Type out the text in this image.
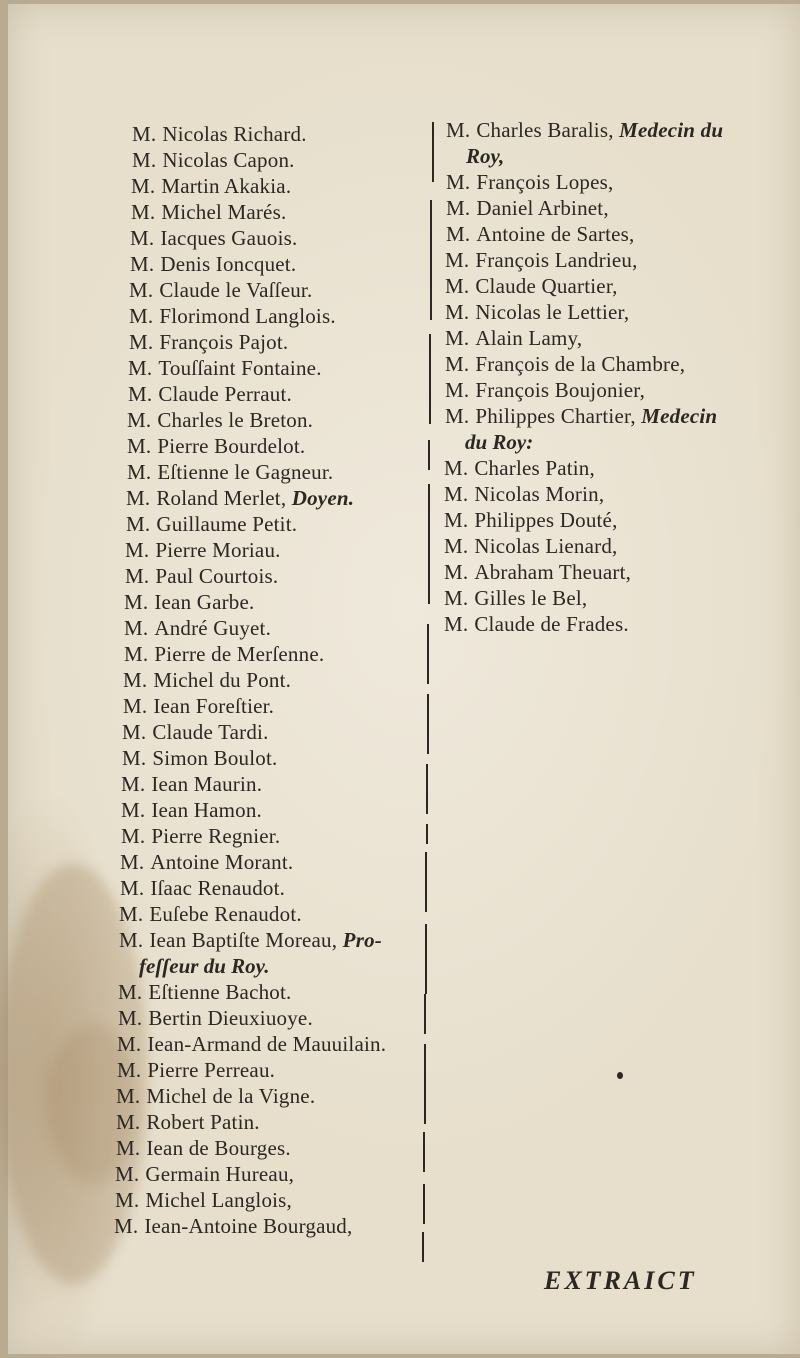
M. Nicolas Richard.
M. Nicolas Capon.
M. Martin Akakia.
M. Michel Marés.
M. Iacques Gauois.
M. Denis Ioncquet.
M. Claude le Vaſſeur.
M. Florimond Langlois.
M. François Pajot.
M. Touſſaint Fontaine.
M. Claude Perraut.
M. Charles le Breton.
M. Pierre Bourdelot.
M. Eſtienne le Gagneur.
M. Roland Merlet, Doyen.
M. Guillaume Petit.
M. Pierre Moriau.
M. Paul Courtois.
M. Iean Garbe.
M. André Guyet.
M. Pierre de Merſenne.
M. Michel du Pont.
M. Iean Foreſtier.
M. Claude Tardi.
M. Simon Boulot.
M. Iean Maurin.
M. Iean Hamon.
M. Pierre Regnier.
M. Antoine Morant.
M. Iſaac Renaudot.
M. Euſebe Renaudot.
M. Iean Baptiſte Moreau, Pro-
feſſeur du Roy.
M. Eſtienne Bachot.
M. Bertin Dieuxiuoye.
M. Iean-Armand de Mauuilain.
M. Pierre Perreau.
M. Michel de la Vigne.
M. Robert Patin.
M. Iean de Bourges.
M. Germain Hureau,
M. Michel Langlois,
M. Iean-Antoine Bourgaud,
M. Charles Baralis, Medecin du
Roy,
M. François Lopes,
M. Daniel Arbinet,
M. Antoine de Sartes,
M. François Landrieu,
M. Claude Quartier,
M. Nicolas le Lettier,
M. Alain Lamy,
M. François de la Chambre,
M. François Boujonier,
M. Philippes Chartier, Medecin
du Roy:
M. Charles Patin,
M. Nicolas Morin,
M. Philippes Douté,
M. Nicolas Lienard,
M. Abraham Theuart,
M. Gilles le Bel,
M. Claude de Frades.
EXTRAICT
